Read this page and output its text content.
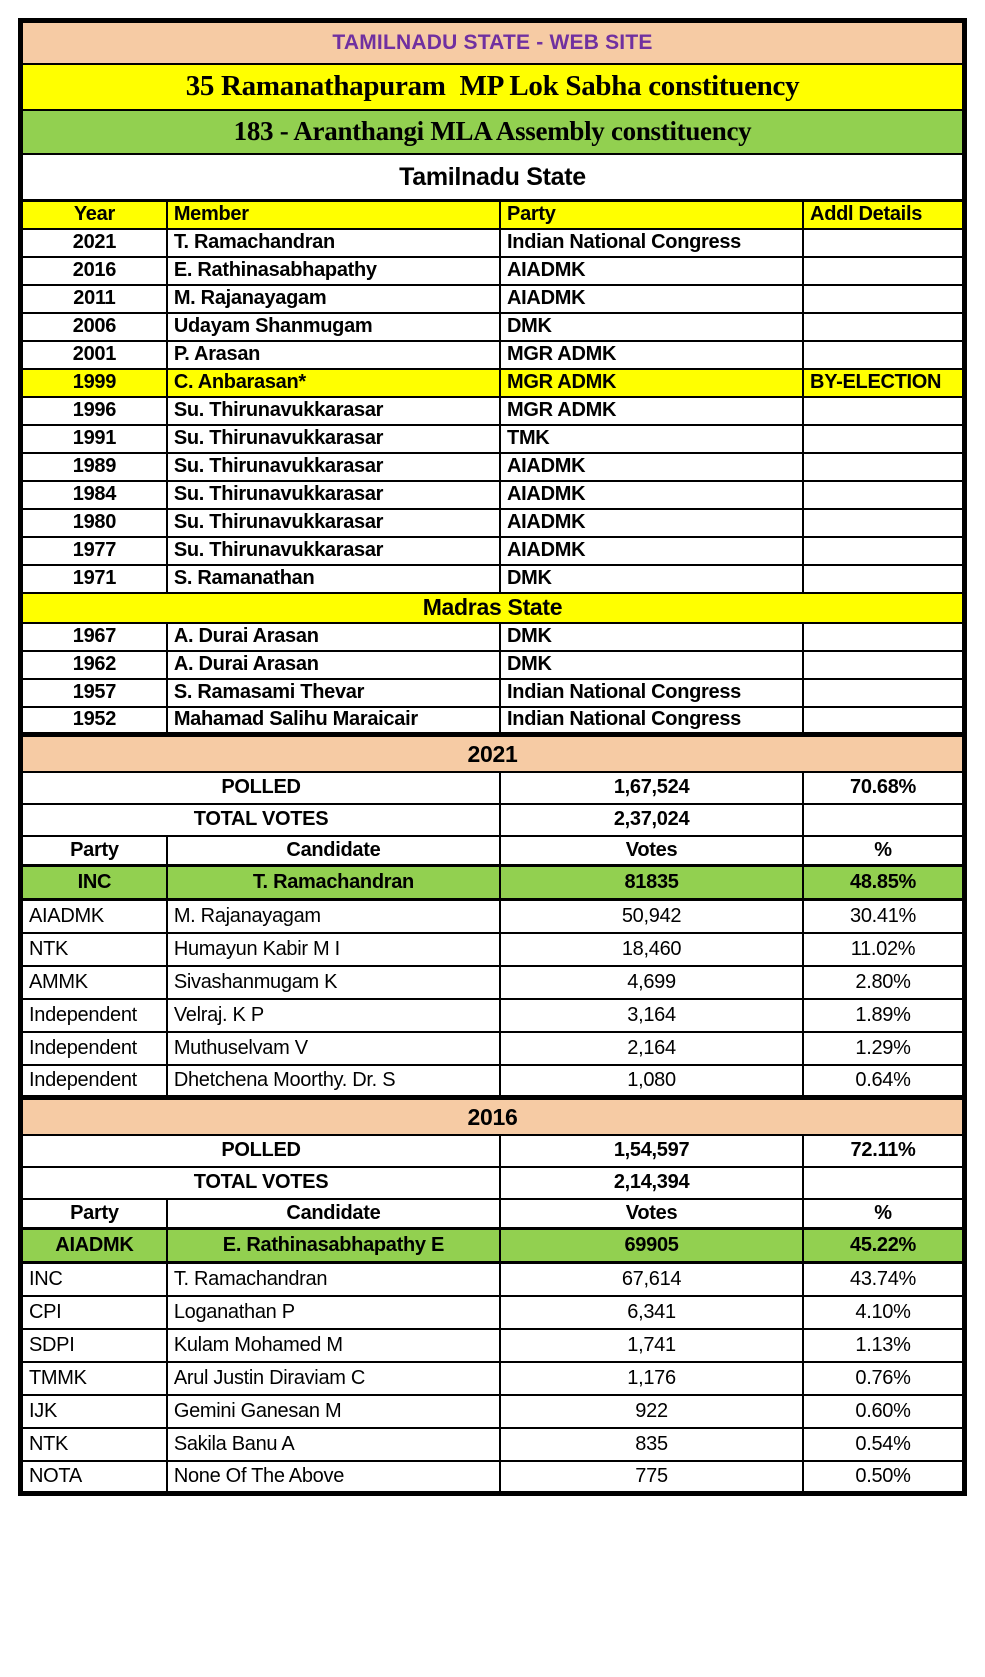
TAMILNADU STATE - WEB SITE			
35 Ramanathapuram  MP Lok Sabha constituency			
183 - Aranthangi MLA Assembly constituency			
Tamilnadu State			
Year	Member	Party	Addl Details
2021	T. Ramachandran	Indian National Congress	
2016	E. Rathinasabhapathy	AIADMK	
2011	M. Rajanayagam	AIADMK	
2006	Udayam Shanmugam	DMK	
2001	P. Arasan	MGR ADMK	
1999	C. Anbarasan*	MGR ADMK	BY-ELECTION
1996	Su. Thirunavukkarasar	MGR ADMK	
1991	Su. Thirunavukkarasar	TMK	
1989	Su. Thirunavukkarasar	AIADMK	
1984	Su. Thirunavukkarasar	AIADMK	
1980	Su. Thirunavukkarasar	AIADMK	
1977	Su. Thirunavukkarasar	AIADMK	
1971	S. Ramanathan	DMK	
Madras State			
1967	A. Durai Arasan	DMK	
1962	A. Durai Arasan	DMK	
1957	S. Ramasami Thevar	Indian National Congress	
1952	Mahamad Salihu Maraicair	Indian National Congress	
2021			
POLLED		1,67,524	70.68%
TOTAL VOTES		2,37,024	
Party	Candidate	Votes	%
INC	T. Ramachandran	81835	48.85%
AIADMK	M. Rajanayagam	50,942	30.41%
NTK	Humayun Kabir M I	18,460	11.02%
AMMK	Sivashanmugam K	4,699	2.80%
Independent	Velraj. K P	3,164	1.89%
Independent	Muthuselvam V	2,164	1.29%
Independent	Dhetchena Moorthy. Dr. S	1,080	0.64%
2016			
POLLED		1,54,597	72.11%
TOTAL VOTES		2,14,394	
Party	Candidate	Votes	%
AIADMK	E. Rathinasabhapathy E	69905	45.22%
INC	T. Ramachandran	67,614	43.74%
CPI	Loganathan P	6,341	4.10%
SDPI	Kulam Mohamed M	1,741	1.13%
TMMK	Arul Justin Diraviam C	1,176	0.76%
IJK	Gemini Ganesan M	922	0.60%
NTK	Sakila Banu A	835	0.54%
NOTA	None Of The Above	775	0.50%
